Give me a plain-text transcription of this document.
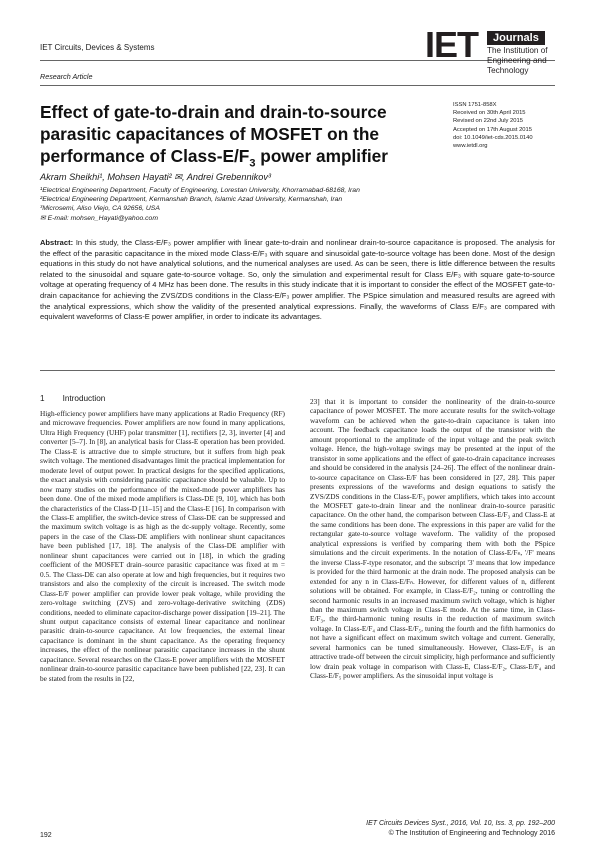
IET Circuits, Devices & Systems
Research Article
IET	Journals
The Institution of
Engineering and Technology
Effect of gate-to-drain and drain-to-source parasitic capacitances of MOSFET on the performance of Class-$E/F_3$ power amplifier
ISSN 1751-858X
Received on 30th April 2015
Revised on 22nd July 2015
Accepted on 17th August 2015
doi: 10.1049/iet-cds.2015.0140
www.ietdl.org
Akram Sheikhi¹, Mohsen Hayati² ✉, Andrei Grebennikov³
¹Electrical Engineering Department, Faculty of Engineering, Lorestan University, Khorramabad-68168, Iran
²Electrical Engineering Department, Kermanshah Branch, Islamic Azad University, Kermanshah, Iran
³Microsemi, Aliso Viejo, CA 92656, USA
✉ E-mail: mohsen_Hayati@yahoo.com
Abstract: In this study, the Class-E/F₃ power amplifier with linear gate-to-drain and nonlinear drain-to-source capacitance is proposed. The analysis for the effect of the parasitic capacitance in the mixed mode Class-E/F₃ with square and sinusoidal gate-to-source voltage has been done. Most of the design equations in this study do not have analytical solutions, and the numerical analyses are used. As can be seen, there is little difference between the results related to the sinusoidal and square gate-to-source voltage. So, only the simulation and experimental result for Class E/F₃ with square gate-to-source voltage at operating frequency of 4 MHz has been done. The results in this study indicate that it is important to consider the effect of the MOSFET gate-to-drain capacitance for achieving the ZVS/ZDS conditions in the Class-E/F₃ power amplifier. The PSpice simulation and measured results are agreed with the analytical expressions, which show the validity of the presented analytical expressions. Finally, the waveforms of Class E/F₃ are compared with equivalent waveforms of Class-E power amplifier, in order to indicate its advantages.
1 Introduction
High-efficiency power amplifiers have many applications at Radio Frequency (RF) and microwave frequencies. Power amplifiers are now found in many applications, Ultra High Frequency (UHF) polar transmitter [1], rectifiers [2, 3], inverter [4] and converter [5–7]. In [8], an analytical basis for Class-E operation has been provided. The Class-E is attractive due to simple structure, but it suffers from high peak switch voltage. The mentioned disadvantages limit the practical implementation for moderate level of output power. In practical designs for the specified applications, the exact analysis with considering parasitic capacitance should be valuable. Up to now many studies on the performance of the mixed-mode power amplifiers has been done. One of the mixed mode amplifiers is Class-DE [9, 10], which has both the characteristics of the Class-D [11–15] and the Class-E [16]. In comparison with the Class-E amplifier, the switch-device stress of Class-DE can be suppressed and the maximum switch voltage is as high as the dc-supply voltage. Recently, some papers in the case of the Class-DE amplifiers with nonlinear shunt capacitances have been published [17, 18]. The analysis of the Class-DE amplifier with nonlinear shunt capacitances were carried out in [18], in which the grading coefficient of the MOSFET drain–source parasitic capacitance was fixed at m = 0.5. The Class-DE can also operate at low and high frequencies, but it requires two transistors and also the complexity of the circuit is increased. The switch mode Class-E/F power amplifier can provide lower peak voltage, while providing the zero-voltage switching (ZVS) and zero-voltage-derivative switching (ZDS) conditions, needed to eliminate capacitor-discharge power dissipation [19–21]. The shunt output capacitance consists of external linear capacitance and nonlinear parasitic drain-to-source capacitance. At low frequencies, the external linear capacitance is dominant in the shunt capacitance. As the operating frequency increases, the effect of the nonlinear parasitic capacitance increases in the shunt capacitance. Several researches on the Class-E power amplifiers with the MOSFET nonlinear drain-to-source parasitic capacitance have been published [22, 23]. It can be stated from the results in [22,
23] that it is important to consider the nonlinearity of the drain-to-source capacitance of power MOSFET. The more accurate results for the switch-voltage waveform can be achieved when the gate-to-drain capacitance is taken into account. The feedback capacitance loads the output of the transistor with the amount proportional to the amplitude of the input voltage and the peak switch voltage. Hence, the high-voltage swings may be presented at the input of the transistor in some applications and the effect of gate-to-drain capacitance increases and should be considered in the analysis [24–26]. The effect of the nonlinear drain-to-source capacitance on Class-E/F has been considered in [27, 28]. This paper presents expressions of the waveforms and design equations to satisfy the ZVS/ZDS conditions in the Class-E/F₃ power amplifiers, which takes into account the MOSFET gate-to-drain linear and the nonlinear drain-to-source parasitic capacitance. On the other hand, the comparison between Class-E/F₃ and Class-E at the same conditions has been done. The expressions in this paper are valid for the rectangular gate-to-source voltage waveform. The validity of the proposed analytical expressions is verified by comparing them with both the PSpice simulations and the circuit experiments. In the notation of Class-E/Fₙ, '/F' means the inverse Class-F-type resonator, and the subscript '3' means that low impedance is provided for the third harmonic at the drain node. The proposed analysis can be extended for any n in Class-E/Fₙ. However, for different values of n, different solutions will be obtained. For example, in Class-E/F₂, tuning or controlling the second harmonic results in an increased maximum switch voltage, which is higher than the maximum switch voltage in Class-E mode. At the same time, in Class-E/F₃, the third-harmonic tuning results in the reduction of maximum switch voltage. In Class-E/F₄ and Class-E/F₅, tuning the fourth and the fifth harmonics do not have a significant effect on maximum switch voltage and current. Generally, several harmonics can be tuned simultaneously. However, Class-E/F₃ is an attractive trade-off between the circuit simplicity, high performance and sufficiently low drain peak voltage in comparison with Class-E, Class-E/F₂, Class-E/F₄ and Class-E/F₅ power amplifiers. As the sinusoidal input voltage is
IET Circuits Devices Syst., 2016, Vol. 10, Iss. 3, pp. 192–200
© The Institution of Engineering and Technology 2016
192
